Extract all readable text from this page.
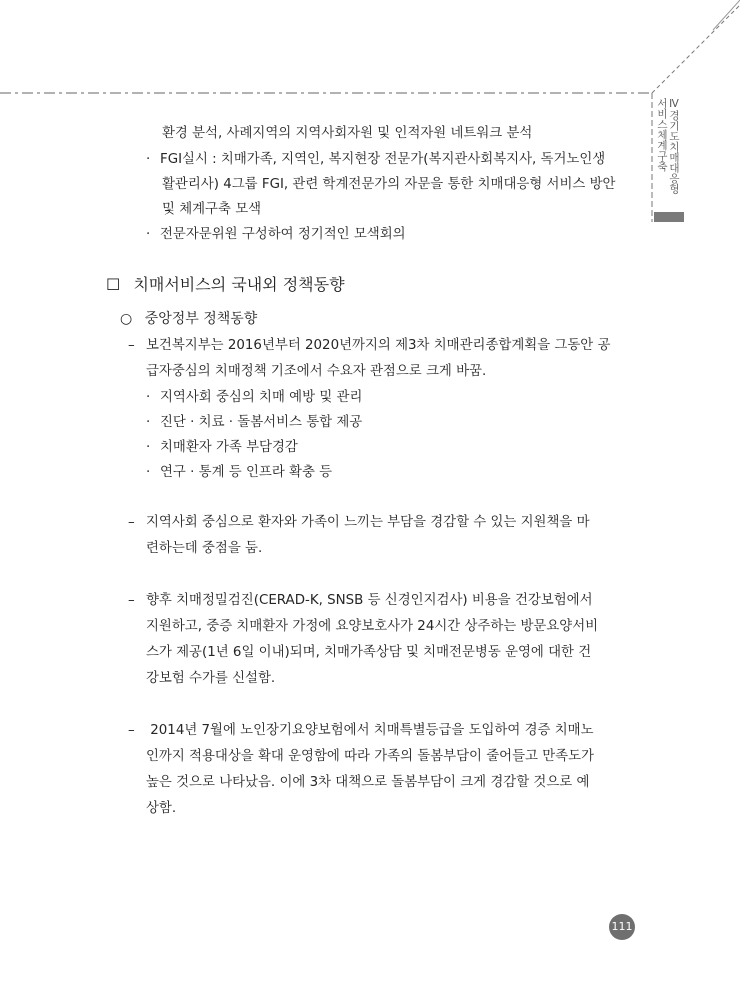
Ⅳ경기도치매대응형
서비스체계구축
환경 분석, 사례지역의 지역사회자원 및 인적자원 네트워크 분석
· FGI실시 : 치매가족, 지역인, 복지현장 전문가(복지관사회복지사, 독거노인생
활관리사) 4그룹 FGI, 관련 학계전문가의 자문을 통한 치매대응형 서비스 방안
및 체계구축 모색
· 전문자문위원 구성하여 정기적인 모색회의
☐ 치매서비스의 국내외 정책동향
○ 중앙정부 정책동향
– 보건복지부는 2016년부터 2020년까지의 제3차 치매관리종합계획을 그동안 공
급자중심의 치매정책 기조에서 수요자 관점으로 크게 바꿈.
· 지역사회 중심의 치매 예방 및 관리
· 진단 · 치료 · 돌봄서비스 통합 제공
· 치매환자 가족 부담경감
· 연구 · 통계 등 인프라 확충 등
– 지역사회 중심으로 환자와 가족이 느끼는 부담을 경감할 수 있는 지원책을 마
련하는데 중점을 둠.
– 향후 치매정밀검진(CERAD-K, SNSB 등 신경인지검사) 비용을 건강보험에서
지원하고, 중증 치매환자 가정에 요양보호사가 24시간 상주하는 방문요양서비
스가 제공(1년 6일 이내)되며, 치매가족상담 및 치매전문병동 운영에 대한 건
강보험 수가를 신설함.
– 2014년 7월에 노인장기요양보험에서 치매특별등급을 도입하여 경증 치매노
인까지 적용대상을 확대 운영함에 따라 가족의 돌봄부담이 줄어들고 만족도가
높은 것으로 나타났음. 이에 3차 대책으로 돌봄부담이 크게 경감할 것으로 예
상함.
111
